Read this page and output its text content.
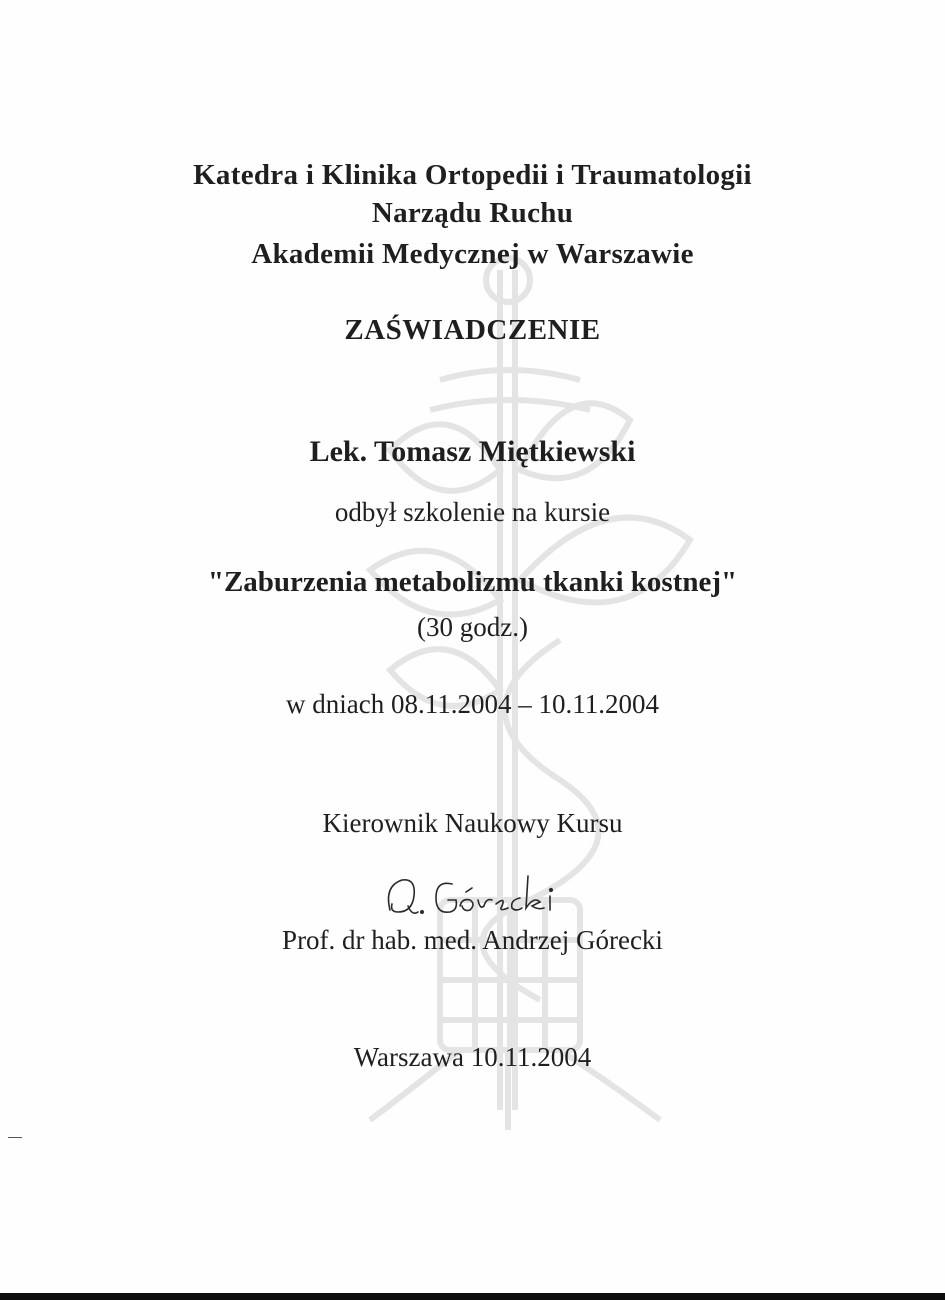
Katedra i Klinika Ortopedii i Traumatologii
Narządu Ruchu
Akademii Medycznej w Warszawie
ZAŚWIADCZENIE
Lek. Tomasz Miętkiewski
odbył szkolenie na kursie
"Zaburzenia metabolizmu tkanki kostnej"
(30 godz.)
w dniach 08.11.2004 – 10.11.2004
Kierownik Naukowy Kursu
Prof. dr hab. med. Andrzej Górecki
Warszawa 10.11.2004
